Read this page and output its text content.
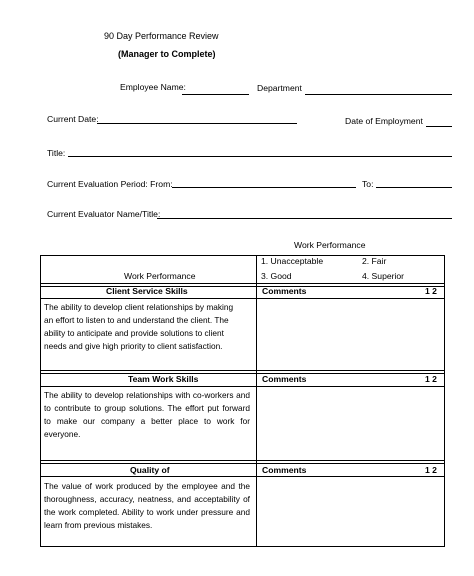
90 Day Performance Review
(Manager to Complete)
Employee Name:	Department
Current Date:	Date of Employment
Title:
Current Evaluation Period: From:	To:
Current Evaluator Name/Title:
Work Performance
Work Performance
1. Unacceptable	2. Fair
3. Good	4. Superior
Client Service Skills	Comments	1 2
The ability to develop client relationships by making an effort to listen to and understand the client. The ability to anticipate and provide solutions to client needs and give high priority to client satisfaction.
Team Work Skills	Comments	1 2
The ability to develop relationships with co-workers and to contribute to group solutions. The effort put forward to make our company a better place to work for everyone.
Quality of	Comments	1 2
The value of work produced by the employee and the thoroughness, accuracy, neatness, and acceptability of the work completed. Ability to work under pressure and learn from previous mistakes.
